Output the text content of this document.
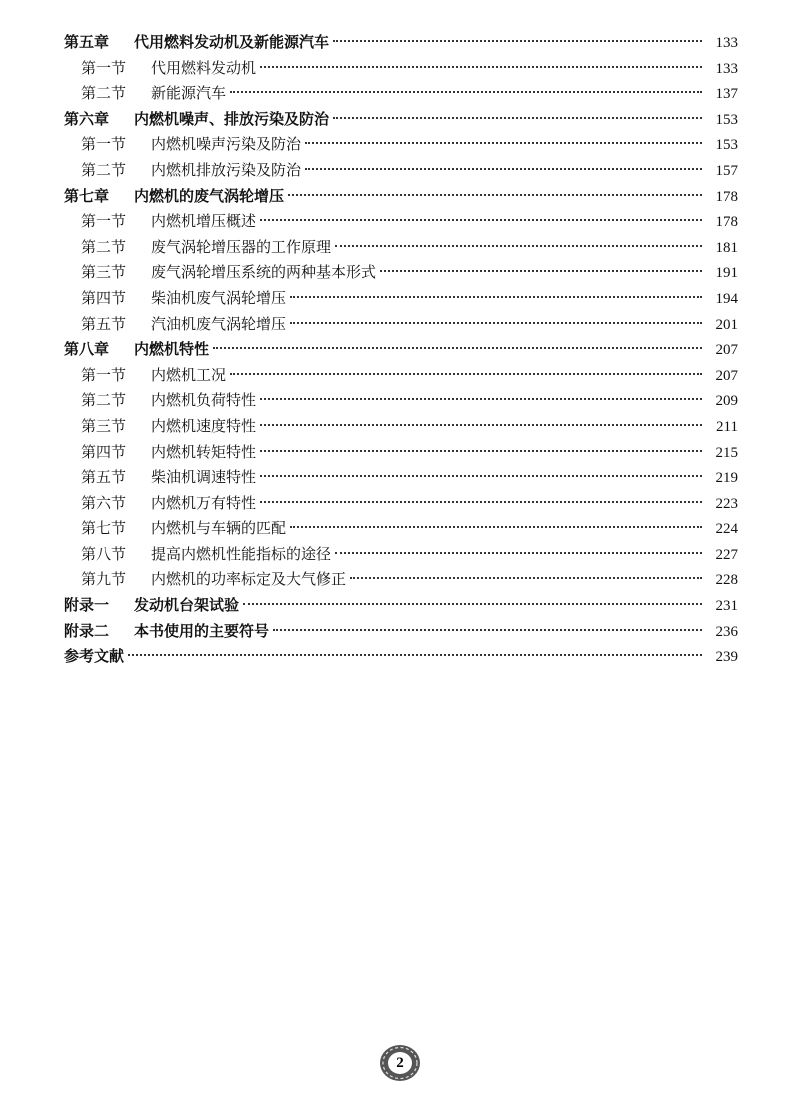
第五章	代用燃料发动机及新能源汽车	133
第一节	代用燃料发动机	133
第二节	新能源汽车	137
第六章	内燃机噪声、排放污染及防治	153
第一节	内燃机噪声污染及防治	153
第二节	内燃机排放污染及防治	157
第七章	内燃机的废气涡轮增压	178
第一节	内燃机增压概述	178
第二节	废气涡轮增压器的工作原理	181
第三节	废气涡轮增压系统的两种基本形式	191
第四节	柴油机废气涡轮增压	194
第五节	汽油机废气涡轮增压	201
第八章	内燃机特性	207
第一节	内燃机工况	207
第二节	内燃机负荷特性	209
第三节	内燃机速度特性	211
第四节	内燃机转矩特性	215
第五节	柴油机调速特性	219
第六节	内燃机万有特性	223
第七节	内燃机与车辆的匹配	224
第八节	提高内燃机性能指标的途径	227
第九节	内燃机的功率标定及大气修正	228
附录一	发动机台架试验	231
附录二	本书使用的主要符号	236
参考文献	239
2
